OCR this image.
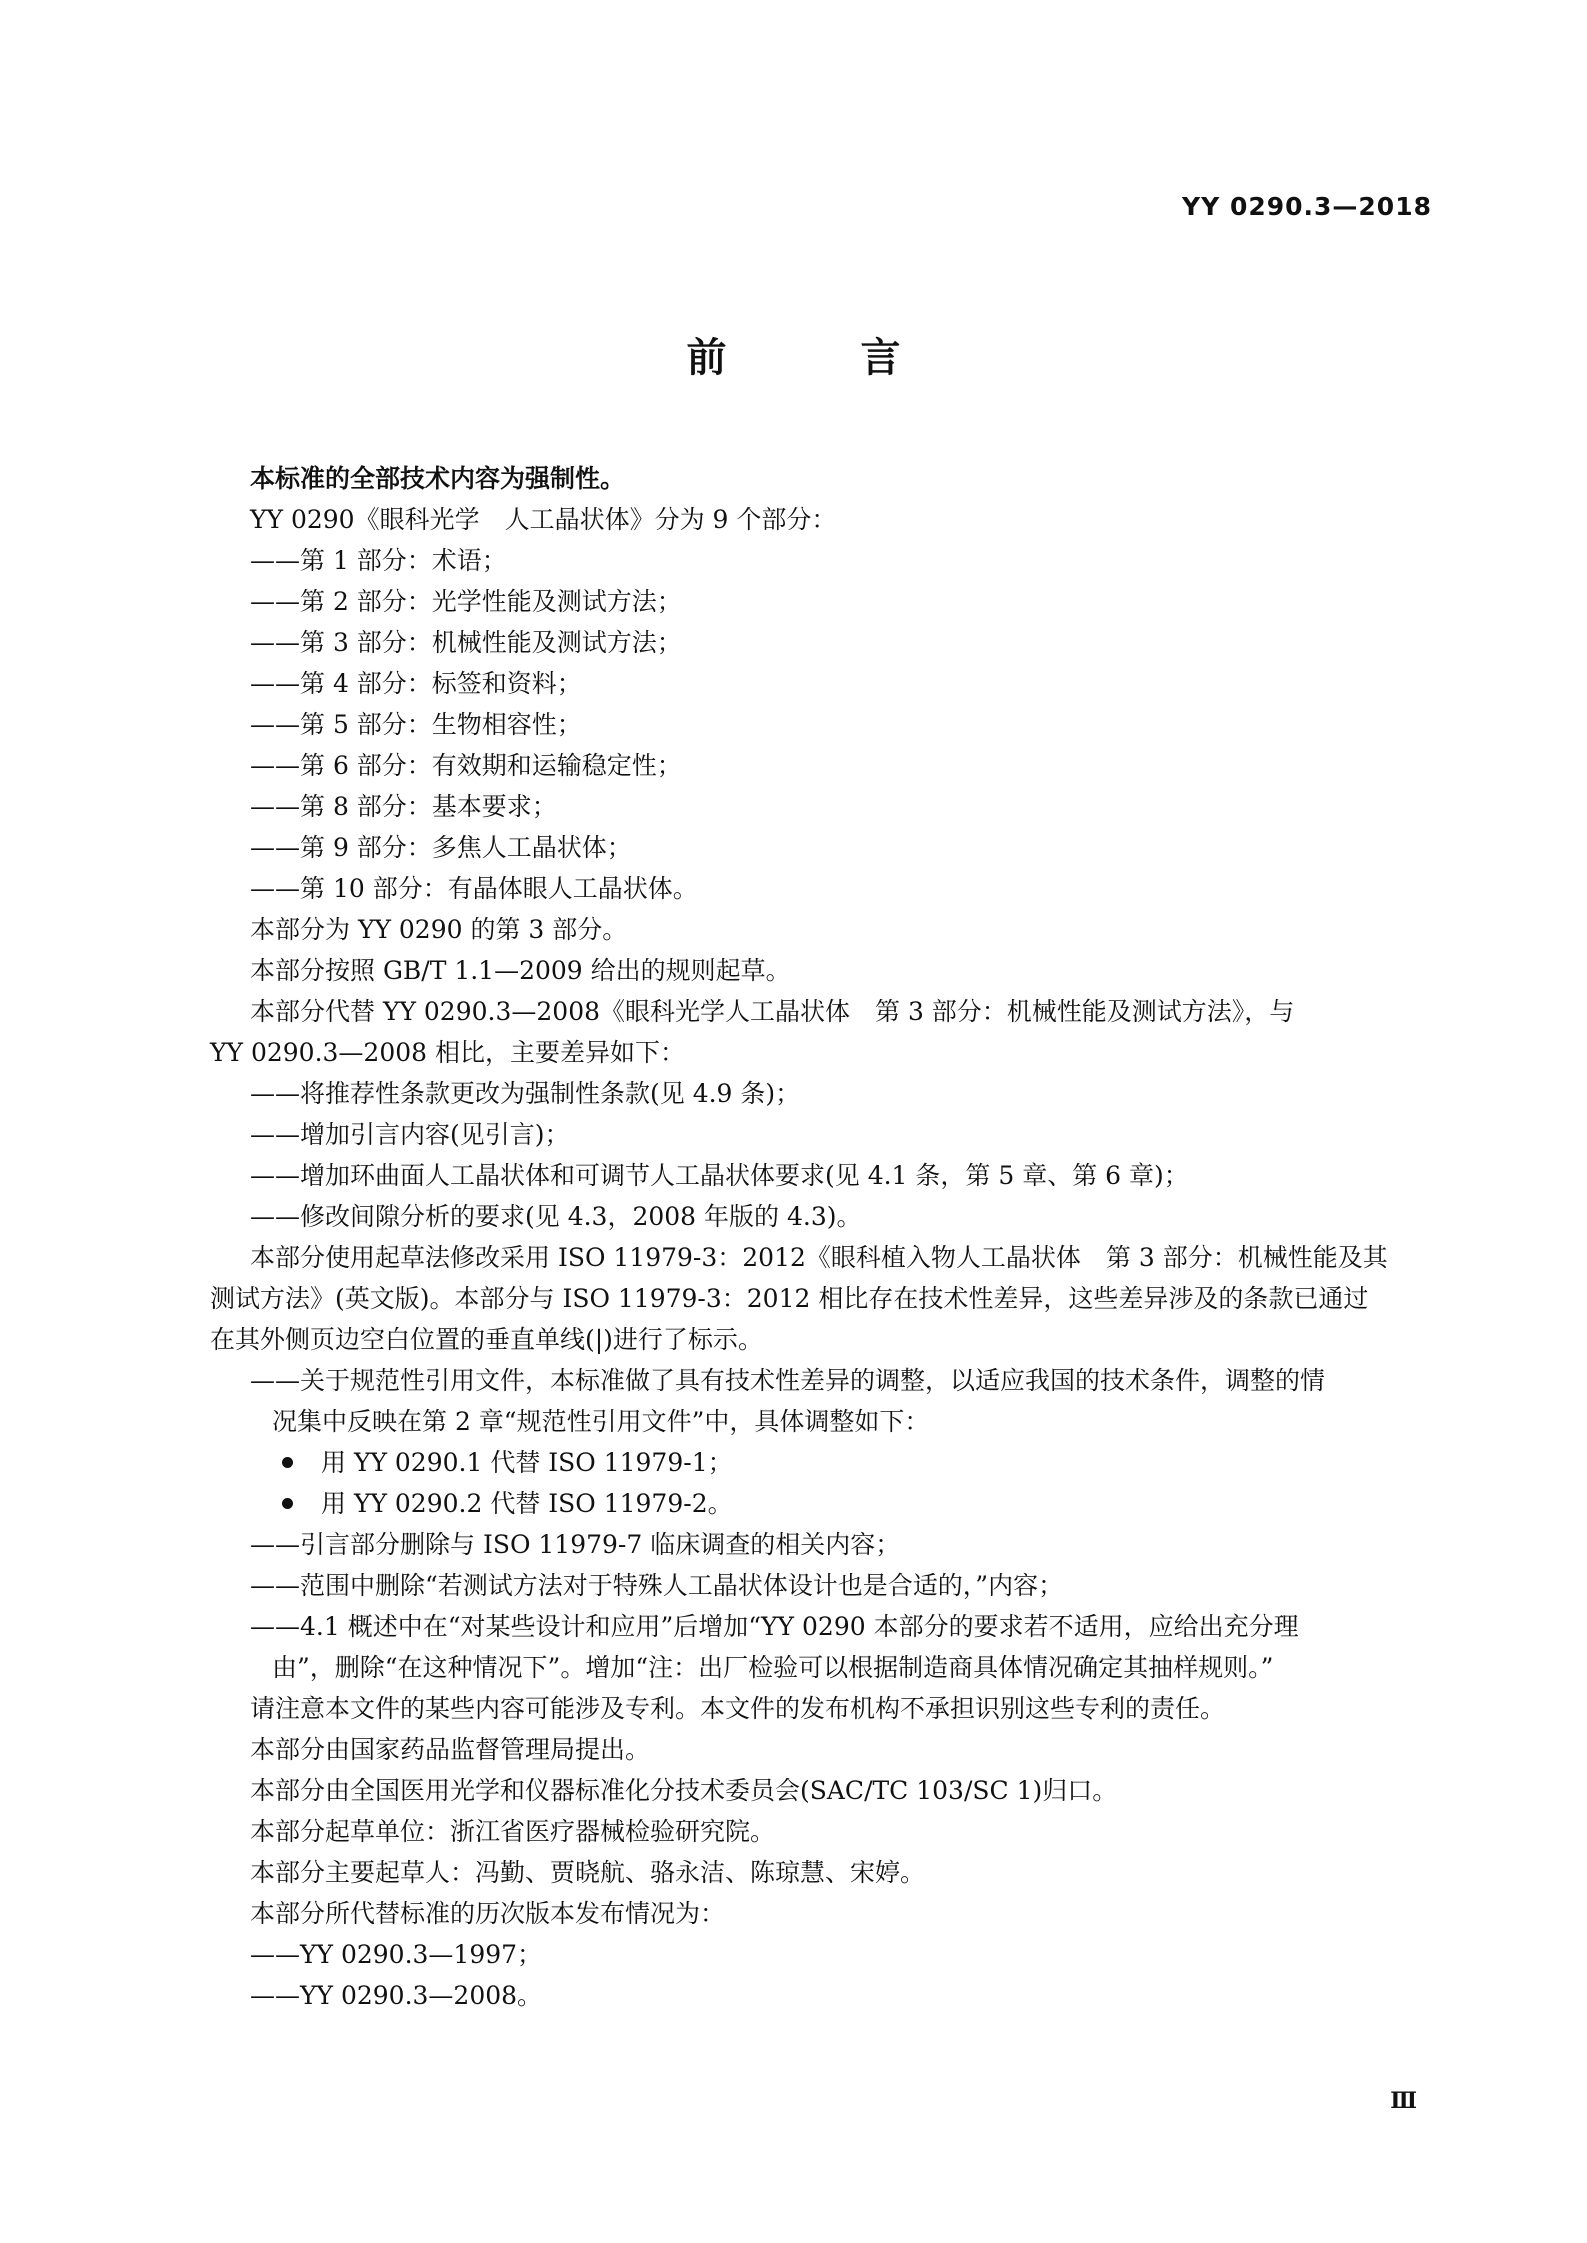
YY 0290.3—2018
前 言
本标准的全部技术内容为强制性。
YY 0290《眼科光学　人工晶状体》分为 9 个部分：
——第 1 部分：术语；
——第 2 部分：光学性能及测试方法；
——第 3 部分：机械性能及测试方法；
——第 4 部分：标签和资料；
——第 5 部分：生物相容性；
——第 6 部分：有效期和运输稳定性；
——第 8 部分：基本要求；
——第 9 部分：多焦人工晶状体；
——第 10 部分：有晶体眼人工晶状体。
本部分为 YY 0290 的第 3 部分。
本部分按照 GB/T 1.1—2009 给出的规则起草。
本部分代替 YY 0290.3—2008《眼科光学人工晶状体　第 3 部分：机械性能及测试方法》，与
YY 0290.3—2008 相比，主要差异如下：
——将推荐性条款更改为强制性条款(见 4.9 条)；
——增加引言内容(见引言)；
——增加环曲面人工晶状体和可调节人工晶状体要求(见 4.1 条，第 5 章、第 6 章)；
——修改间隙分析的要求(见 4.3，2008 年版的 4.3)。
本部分使用起草法修改采用 ISO 11979-3：2012《眼科植入物人工晶状体　第 3 部分：机械性能及其
测试方法》(英文版)。本部分与 ISO 11979-3：2012 相比存在技术性差异，这些差异涉及的条款已通过
在其外侧页边空白位置的垂直单线(|)进行了标示。
——关于规范性引用文件，本标准做了具有技术性差异的调整，以适应我国的技术条件，调整的情
况集中反映在第 2 章“规范性引用文件”中，具体调整如下：
用 YY 0290.1 代替 ISO 11979-1；
用 YY 0290.2 代替 ISO 11979-2。
——引言部分删除与 ISO 11979-7 临床调查的相关内容；
——范围中删除“若测试方法对于特殊人工晶状体设计也是合适的，”内容；
——4.1 概述中在“对某些设计和应用”后增加“YY 0290 本部分的要求若不适用，应给出充分理
由”，删除“在这种情况下”。增加“注：出厂检验可以根据制造商具体情况确定其抽样规则。”
请注意本文件的某些内容可能涉及专利。本文件的发布机构不承担识别这些专利的责任。
本部分由国家药品监督管理局提出。
本部分由全国医用光学和仪器标准化分技术委员会(SAC/TC 103/SC 1)归口。
本部分起草单位：浙江省医疗器械检验研究院。
本部分主要起草人：冯勤、贾晓航、骆永洁、陈琼慧、宋婷。
本部分所代替标准的历次版本发布情况为：
——YY 0290.3—1997；
——YY 0290.3—2008。
Ⅲ
